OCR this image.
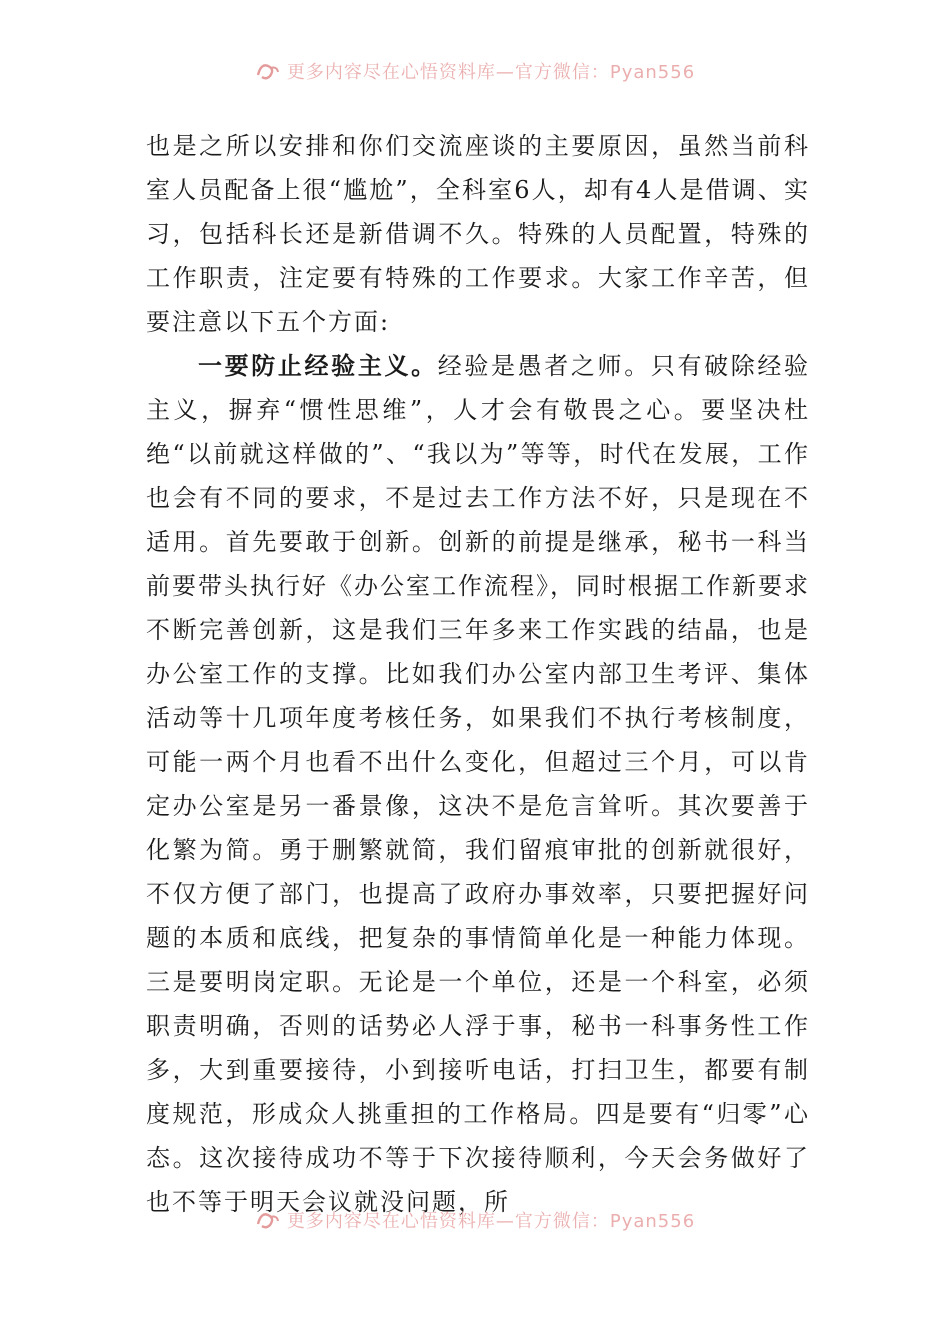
更多内容尽在心悟资料库—官方微信：Pyan556

也是之所以安排和你们交流座谈的主要原因，虽然当前科室人员配备上很“尴尬”，全科室6人，却有4人是借调、实习，包括科长还是新借调不久。特殊的人员配置，特殊的工作职责，注定要有特殊的工作要求。大家工作辛苦，但要注意以下五个方面:

一要防止经验主义。经验是愚者之师。只有破除经验主义，摒弃“惯性思维”，人才会有敬畏之心。要坚决杜绝“以前就这样做的”、“我以为”等等，时代在发展，工作也会有不同的要求，不是过去工作方法不好，只是现在不适用。首先要敢于创新。创新的前提是继承，秘书一科当前要带头执行好《办公室工作流程》，同时根据工作新要求不断完善创新，这是我们三年多来工作实践的结晶，也是办公室工作的支撑。比如我们办公室内部卫生考评、集体活动等十几项年度考核任务，如果我们不执行考核制度，可能一两个月也看不出什么变化，但超过三个月，可以肯定办公室是另一番景像，这决不是危言耸听。其次要善于化繁为简。勇于删繁就简，我们留痕审批的创新就很好，不仅方便了部门，也提高了政府办事效率，只要把握好问题的本质和底线，把复杂的事情简单化是一种能力体现。三是要明岗定职。无论是一个单位，还是一个科室，必须职责明确，否则的话势必人浮于事，秘书一科事务性工作多，大到重要接待，小到接听电话，打扫卫生，都要有制度规范，形成众人挑重担的工作格局。四是要有“归零”心态。这次接待成功不等于下次接待顺利，今天会务做好了也不等于明天会议就没问题，所

更多内容尽在心悟资料库—官方微信：Pyan556
